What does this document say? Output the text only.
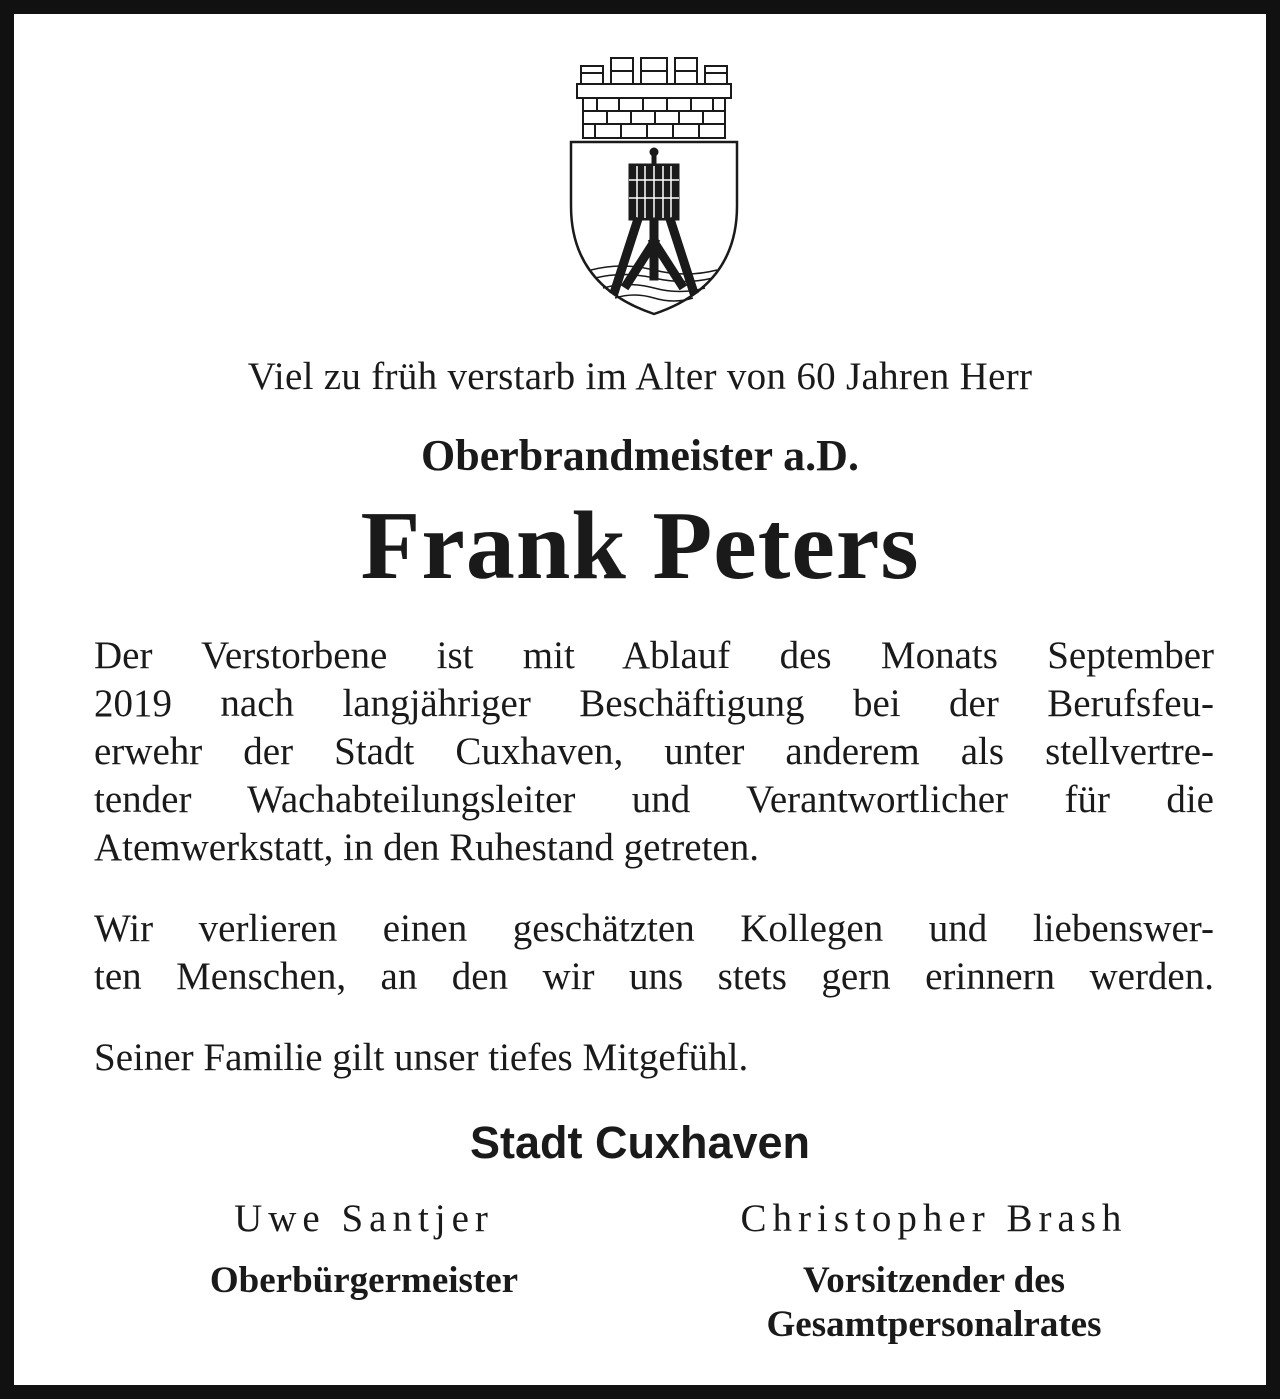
Viel zu früh verstarb im Alter von 60 Jahren Herr
Oberbrandmeister a.D.
Frank Peters
Der Verstorbene ist mit Ablauf des Monats September
2019 nach langjähriger Beschäftigung bei der Berufsfeu-
erwehr der Stadt Cuxhaven, unter anderem als stellvertre-
tender Wachabteilungsleiter und Verantwortlicher für die
Atemwerkstatt, in den Ruhestand getreten.
Wir verlieren einen geschätzten Kollegen und liebenswer-
ten Menschen, an den wir uns stets gern erinnern werden.
Seiner Familie gilt unser tiefes Mitgefühl.
Stadt Cuxhaven
Uwe Santjer
Oberbürgermeister
Christopher Brash
Vorsitzender des
Gesamtpersonalrates
